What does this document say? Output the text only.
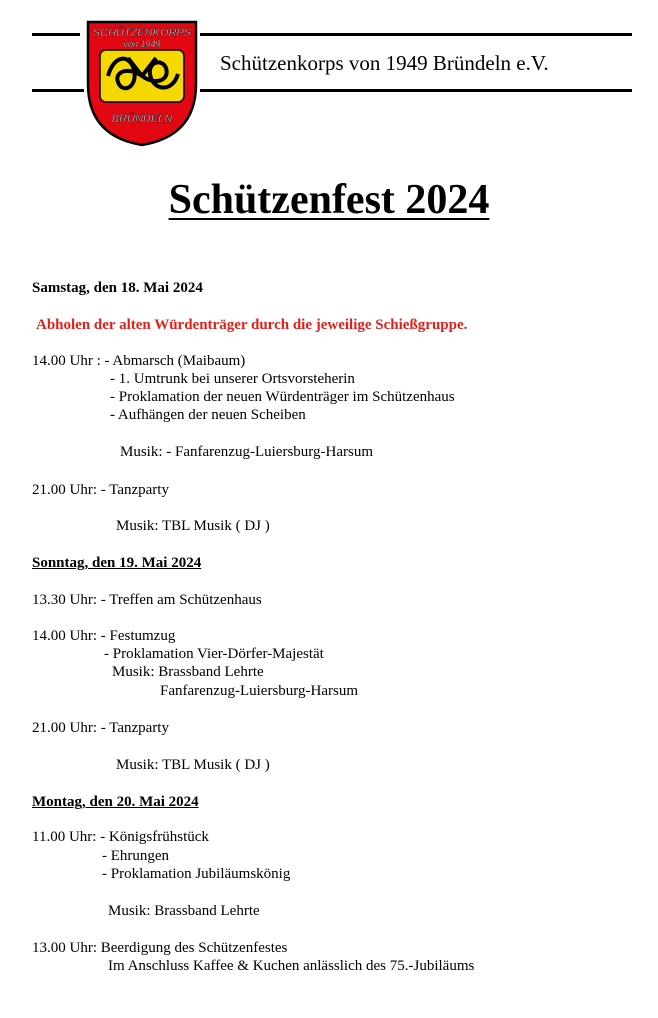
SCHÜTZENKORPS
von 1949
BRÜNDELN
Schützenkorps von 1949 Bründeln e.V.
Schützenfest 2024
Samstag, den 18. Mai 2024
Abholen der alten Würdenträger durch die jeweilige Schießgruppe.
14.00 Uhr : - Abmarsch (Maibaum)
- 1. Umtrunk bei unserer Ortsvorsteherin
- Proklamation der neuen Würdenträger im Schützenhaus
- Aufhängen der neuen Scheiben
Musik: - Fanfarenzug-Luiersburg-Harsum
21.00 Uhr: - Tanzparty
Musik: TBL Musik ( DJ )
Sonntag, den 19. Mai 2024
13.30 Uhr: - Treffen am Schützenhaus
14.00 Uhr: - Festumzug
- Proklamation Vier-Dörfer-Majestät
Musik: Brassband Lehrte
Fanfarenzug-Luiersburg-Harsum
21.00 Uhr: - Tanzparty
Musik: TBL Musik ( DJ )
Montag, den 20. Mai 2024
11.00 Uhr: - Königsfrühstück
- Ehrungen
- Proklamation Jubiläumskönig
Musik: Brassband Lehrte
13.00 Uhr: Beerdigung des Schützenfestes
Im Anschluss Kaffee & Kuchen anlässlich des 75.-Jubiläums
